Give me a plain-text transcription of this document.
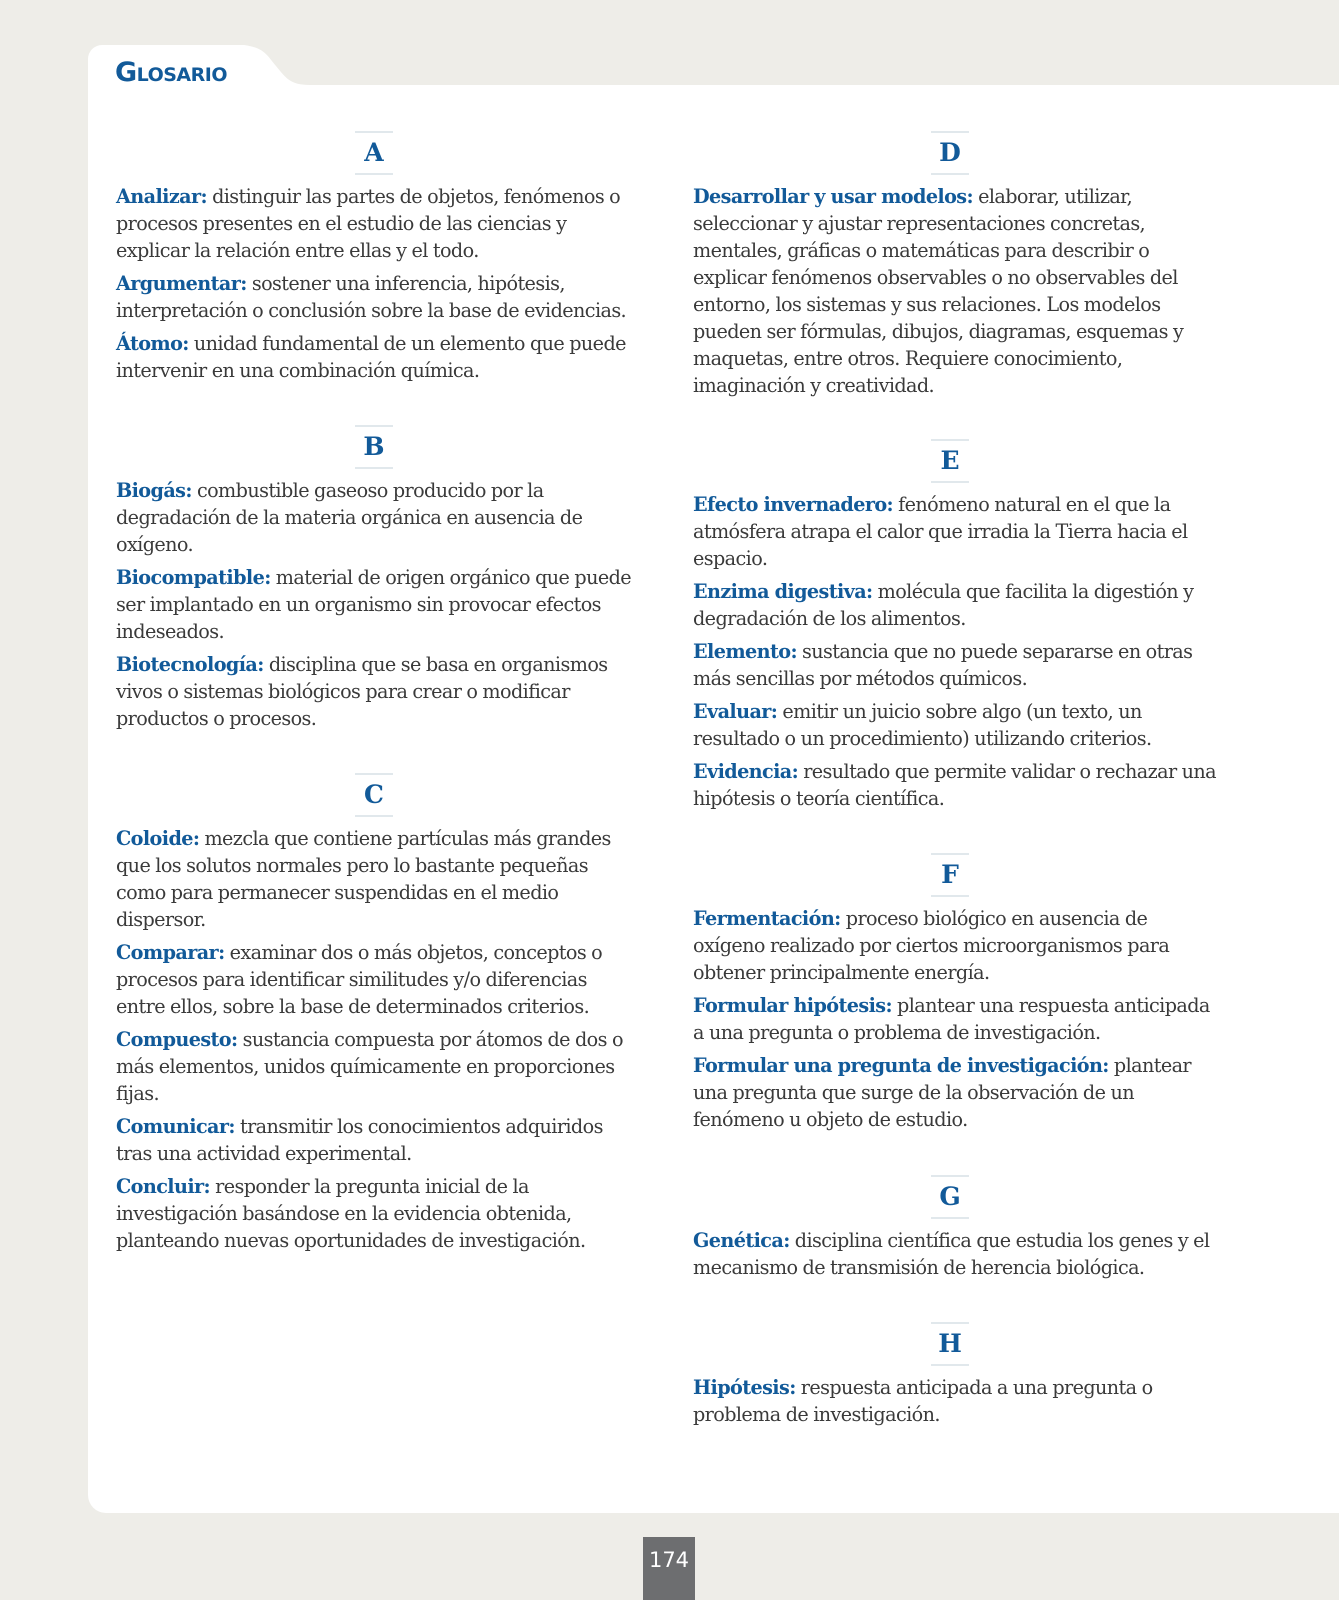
Glosario
A

Analizar: distinguir las partes de objetos, fenómenos o procesos presentes en el estudio de las ciencias y explicar la relación entre ellas y el todo.

Argumentar: sostener una inferencia, hipótesis, interpretación o conclusión sobre la base de evidencias.

Átomo: unidad fundamental de un elemento que puede intervenir en una combinación química.

B

Biogás: combustible gaseoso producido por la degradación de la materia orgánica en ausencia de oxígeno.

Biocompatible: material de origen orgánico que puede ser implantado en un organismo sin provocar efectos indeseados.

Biotecnología: disciplina que se basa en organismos vivos o sistemas biológicos para crear o modificar productos o procesos.

C

Coloide: mezcla que contiene partículas más grandes que los solutos normales pero lo bastante pequeñas como para permanecer suspendidas en el medio dispersor.

Comparar: examinar dos o más objetos, conceptos o procesos para identificar similitudes y/o diferencias entre ellos, sobre la base de determinados criterios.

Compuesto: sustancia compuesta por átomos de dos o más elementos, unidos químicamente en proporciones fijas.

Comunicar: transmitir los conocimientos adquiridos tras una actividad experimental.

Concluir: responder la pregunta inicial de la investigación basándose en la evidencia obtenida, planteando nuevas oportunidades de investigación.

D

Desarrollar y usar modelos: elaborar, utilizar, seleccionar y ajustar representaciones concretas, mentales, gráficas o matemáticas para describir o explicar fenómenos observables o no observables del entorno, los sistemas y sus relaciones. Los modelos pueden ser fórmulas, dibujos, diagramas, esquemas y maquetas, entre otros. Requiere conocimiento, imaginación y creatividad.

E

Efecto invernadero: fenómeno natural en el que la atmósfera atrapa el calor que irradia la Tierra hacia el espacio.

Enzima digestiva: molécula que facilita la digestión y degradación de los alimentos.

Elemento: sustancia que no puede separarse en otras más sencillas por métodos químicos.

Evaluar: emitir un juicio sobre algo (un texto, un resultado o un procedimiento) utilizando criterios.

Evidencia: resultado que permite validar o rechazar una hipótesis o teoría científica.

F

Fermentación: proceso biológico en ausencia de oxígeno realizado por ciertos microorganismos para obtener principalmente energía.

Formular hipótesis: plantear una respuesta anticipada a una pregunta o problema de investigación.

Formular una pregunta de investigación: plantear una pregunta que surge de la observación de un fenómeno u objeto de estudio.

G

Genética: disciplina científica que estudia los genes y el mecanismo de transmisión de herencia biológica.

H

Hipótesis: respuesta anticipada a una pregunta o problema de investigación.

174
